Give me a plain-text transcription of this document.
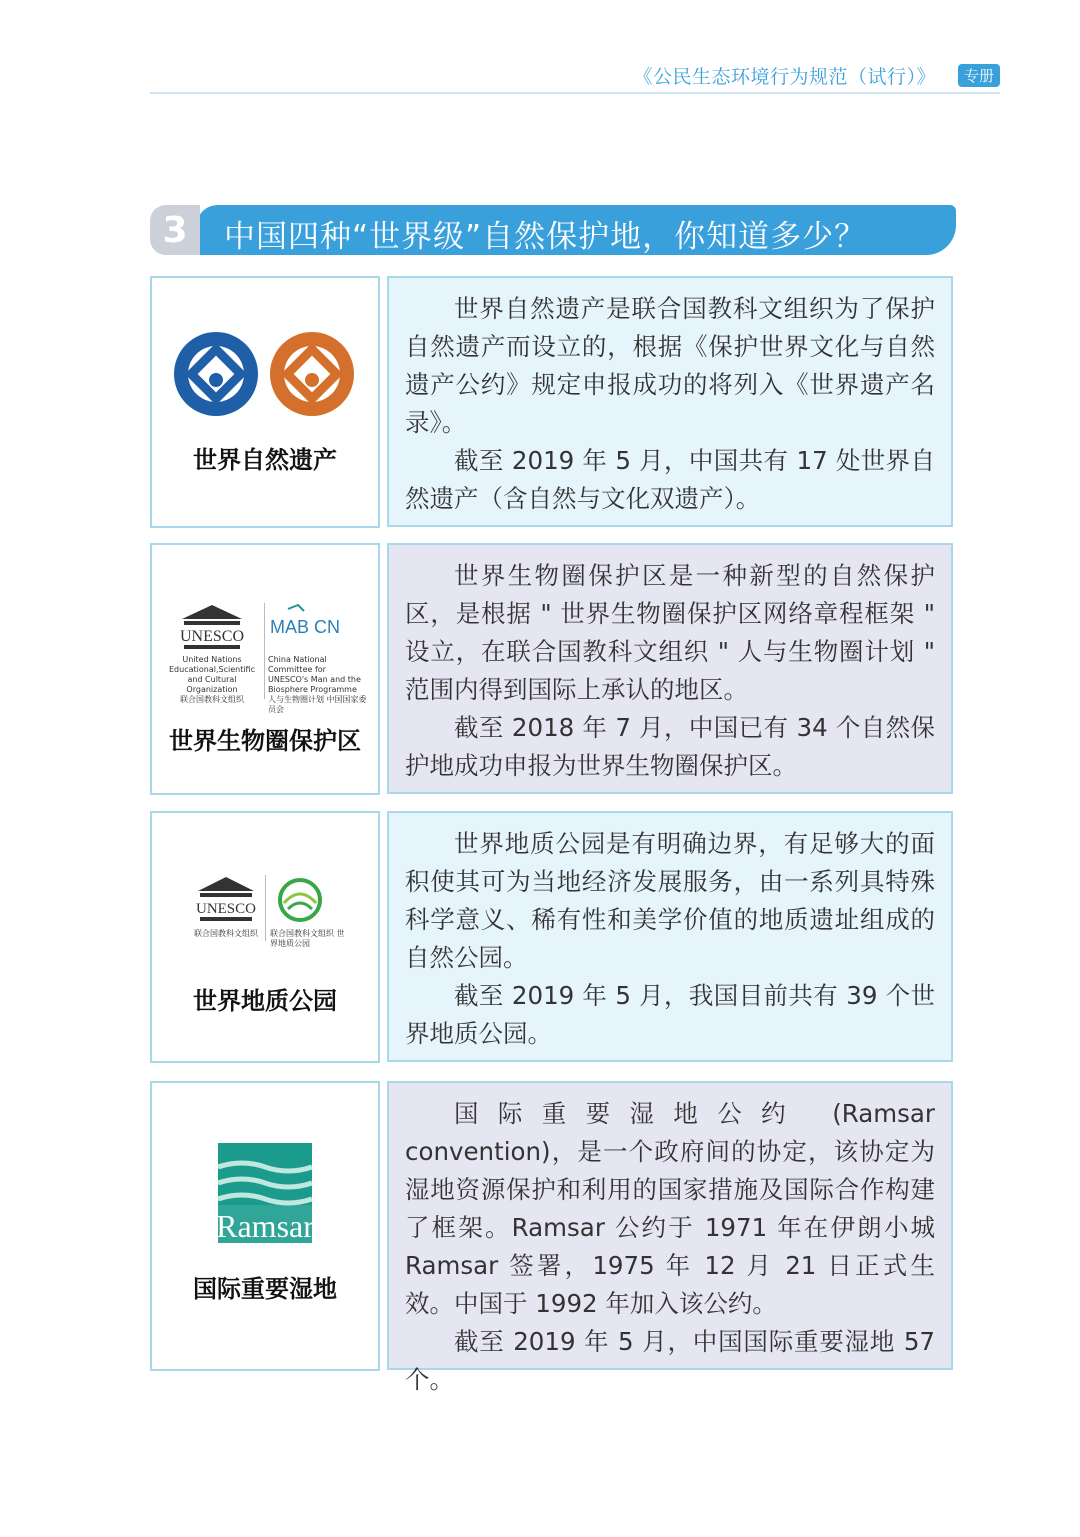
《公民生态环境行为规范（试行）》	专册
3	中国四种“世界级”自然保护地，你知道多少？
世界自然遗产

世界自然遗产是联合国教科文组织为了保护自然遗产而设立的，根据《保护世界文化与自然遗产公约》规定申报成功的将列入《世界遗产名录》。

截至 2019 年 5 月，中国共有 17 处世界自然遗产（含自然与文化双遗产）。

UNESCO
United Nations Educational,Scientific and Cultural Organization
联合国教科文组织
MAB CN
China National Committee for UNESCO's Man and the Biosphere Programme
人与生物圈计划 中国国家委员会
世界生物圈保护区

世界生物圈保护区是一种新型的自然保护区，是根据 " 世界生物圈保护区网络章程框架 " 设立，在联合国教科文组织 " 人与生物圈计划 " 范围内得到国际上承认的地区。

截至 2018 年 7 月，中国已有 34 个自然保护地成功申报为世界生物圈保护区。

UNESCO
联合国教科文组织	联合国教科文组织 世界地质公园
世界地质公园

世界地质公园是有明确边界，有足够大的面积使其可为当地经济发展服务，由一系列具特殊科学意义、稀有性和美学价值的地质遗址组成的自然公园。

截至 2019 年 5 月，我国目前共有 39 个世界地质公园。

Ramsar
国际重要湿地

国际重要湿地公约 (Ramsar convention)，是一个政府间的协定，该协定为湿地资源保护和利用的国家措施及国际合作构建了框架。Ramsar 公约于 1971 年在伊朗小城 Ramsar 签署，1975 年 12 月 21 日正式生效。中国于 1992 年加入该公约。

截至 2019 年 5 月，中国国际重要湿地 57 个。
